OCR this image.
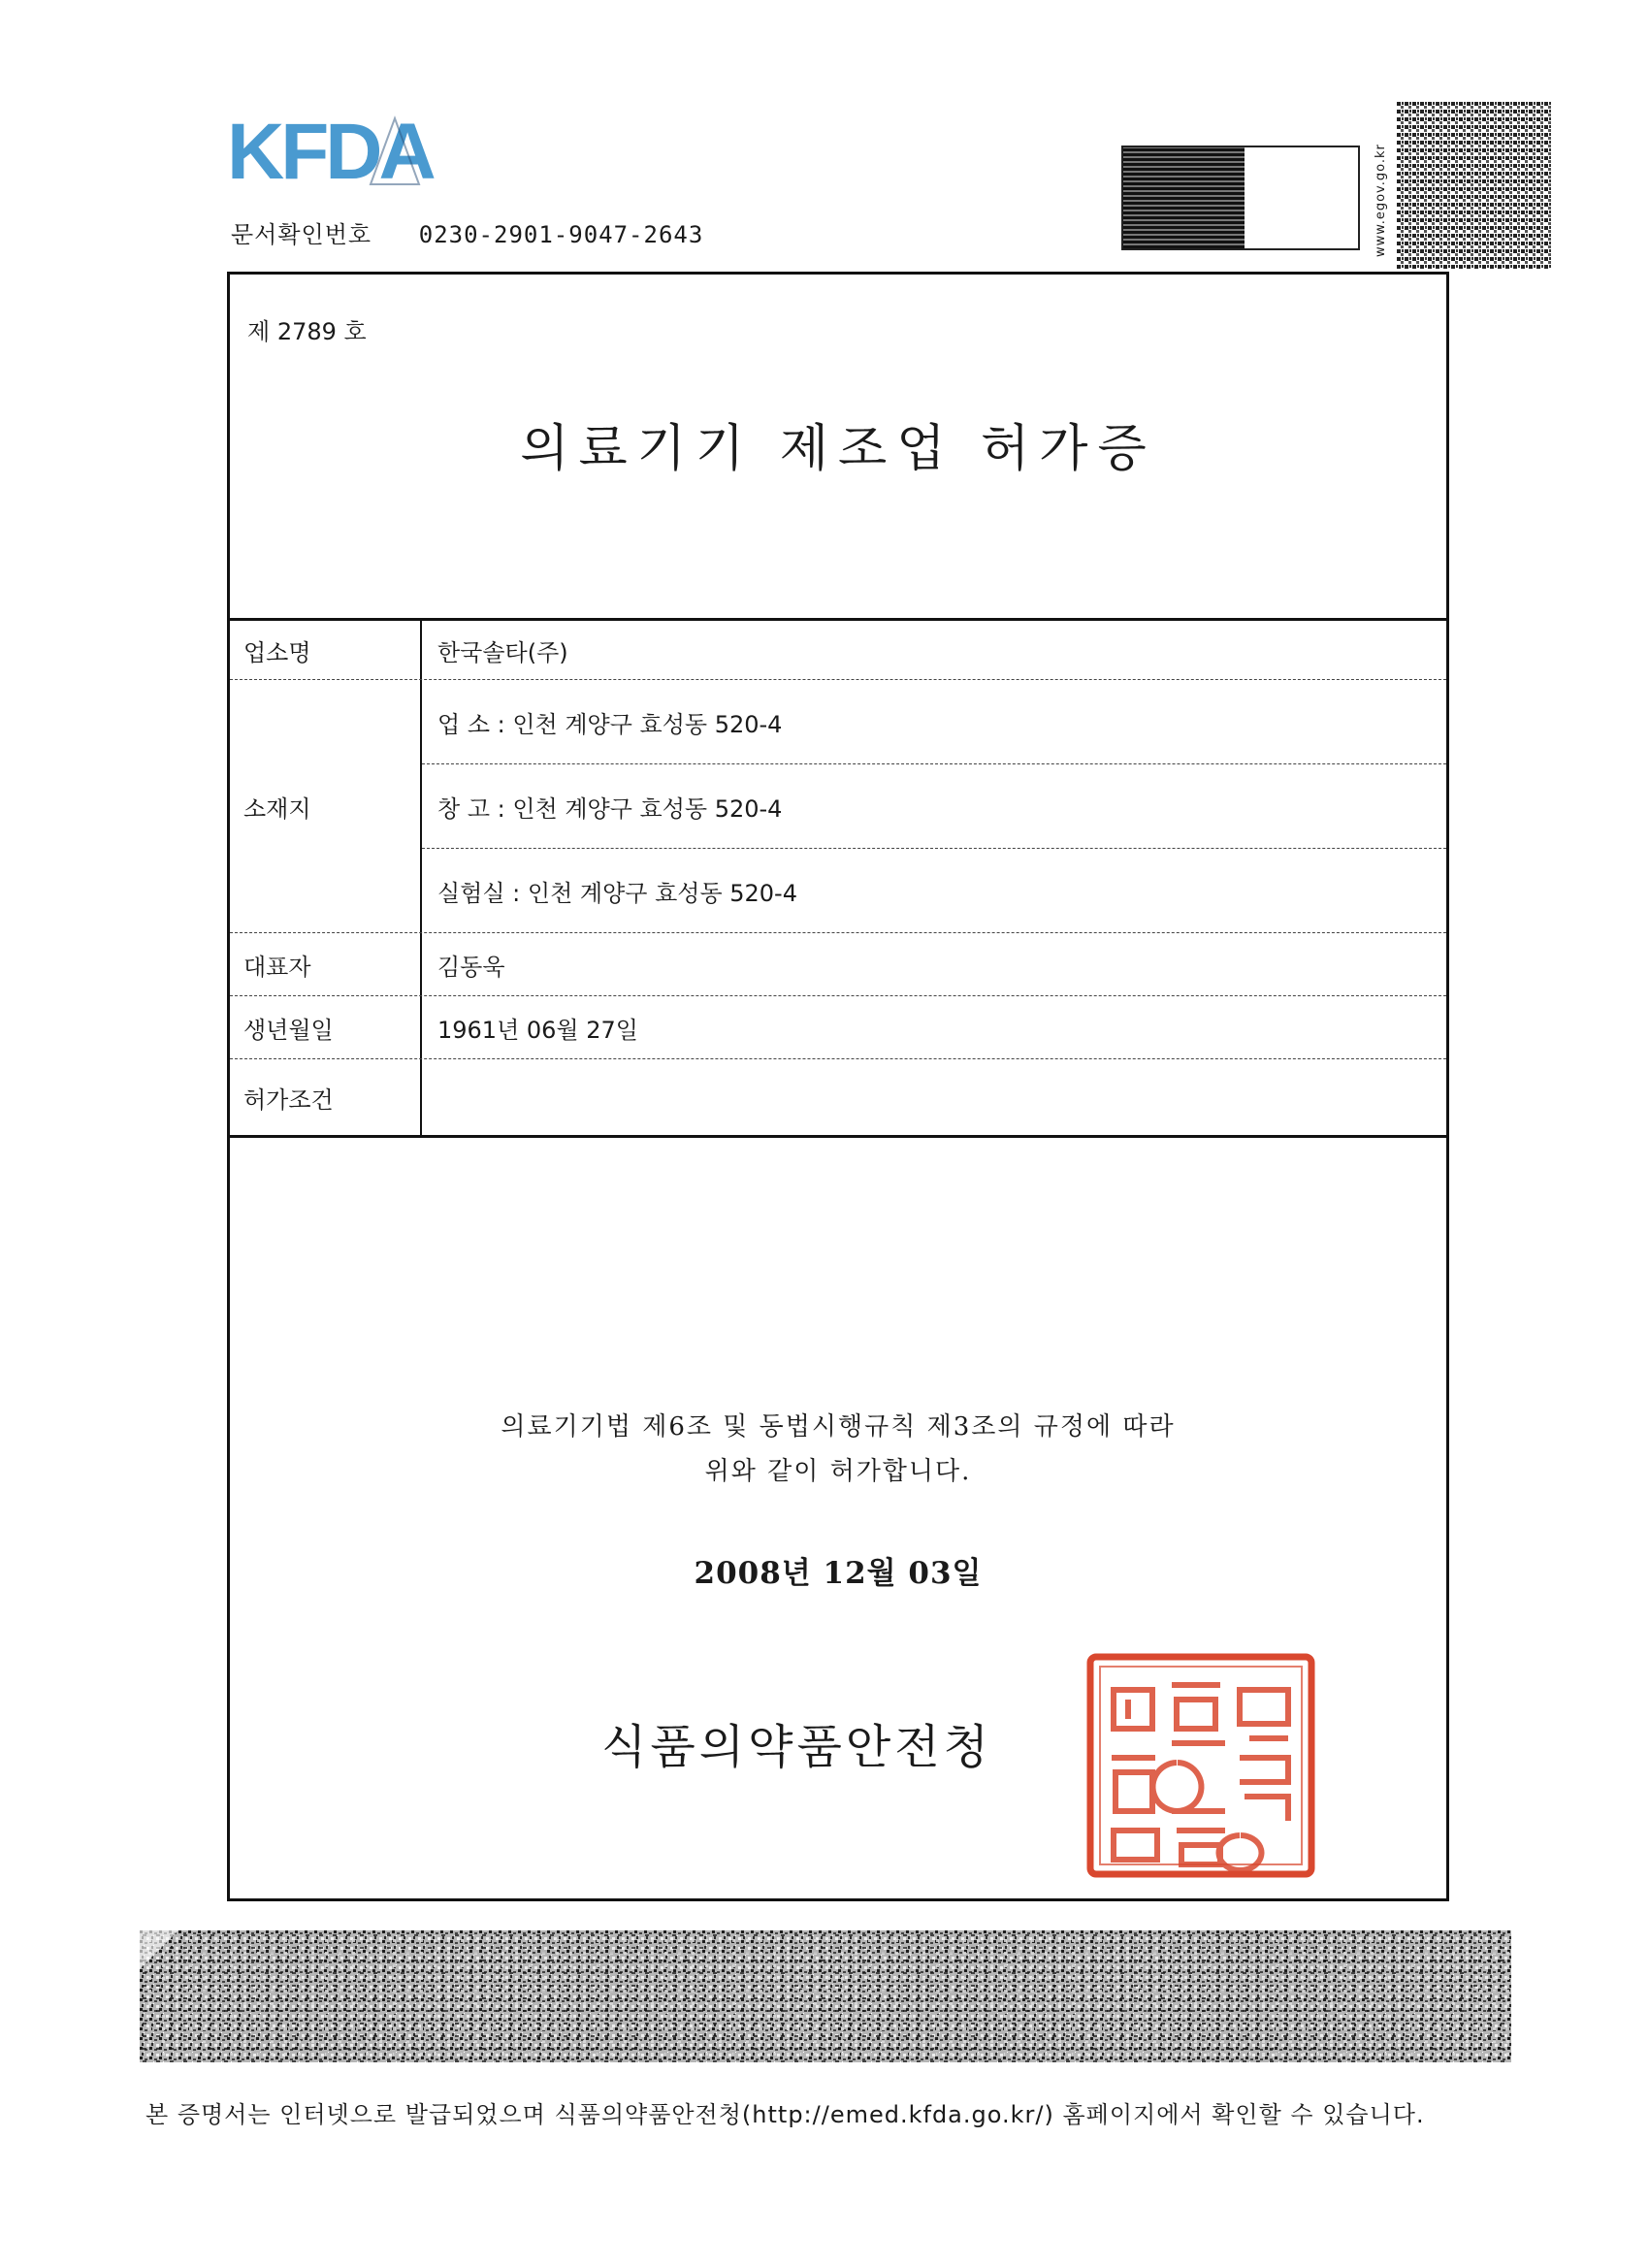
KFDA
문서확인번호 0230-2901-9047-2643	www.egov.go.kr
제 2789 호
의료기기 제조업 허가증
업소명	한국솔타(주)
소재지
업 소 : 인천 계양구 효성동 520-4
창 고 : 인천 계양구 효성동 520-4
실험실 : 인천 계양구 효성동 520-4
대표자	김동욱
생년월일	1961년 06월 27일
허가조건
의료기기법 제6조 및 동법시행규칙 제3조의 규정에 따라
위와 같이 허가합니다.
2008년 12월 03일
식품의약품안전청
본 증명서는 인터넷으로 발급되었으며 식품의약품안전청(http://emed.kfda.go.kr/) 홈페이지에서 확인할 수 있습니다.
